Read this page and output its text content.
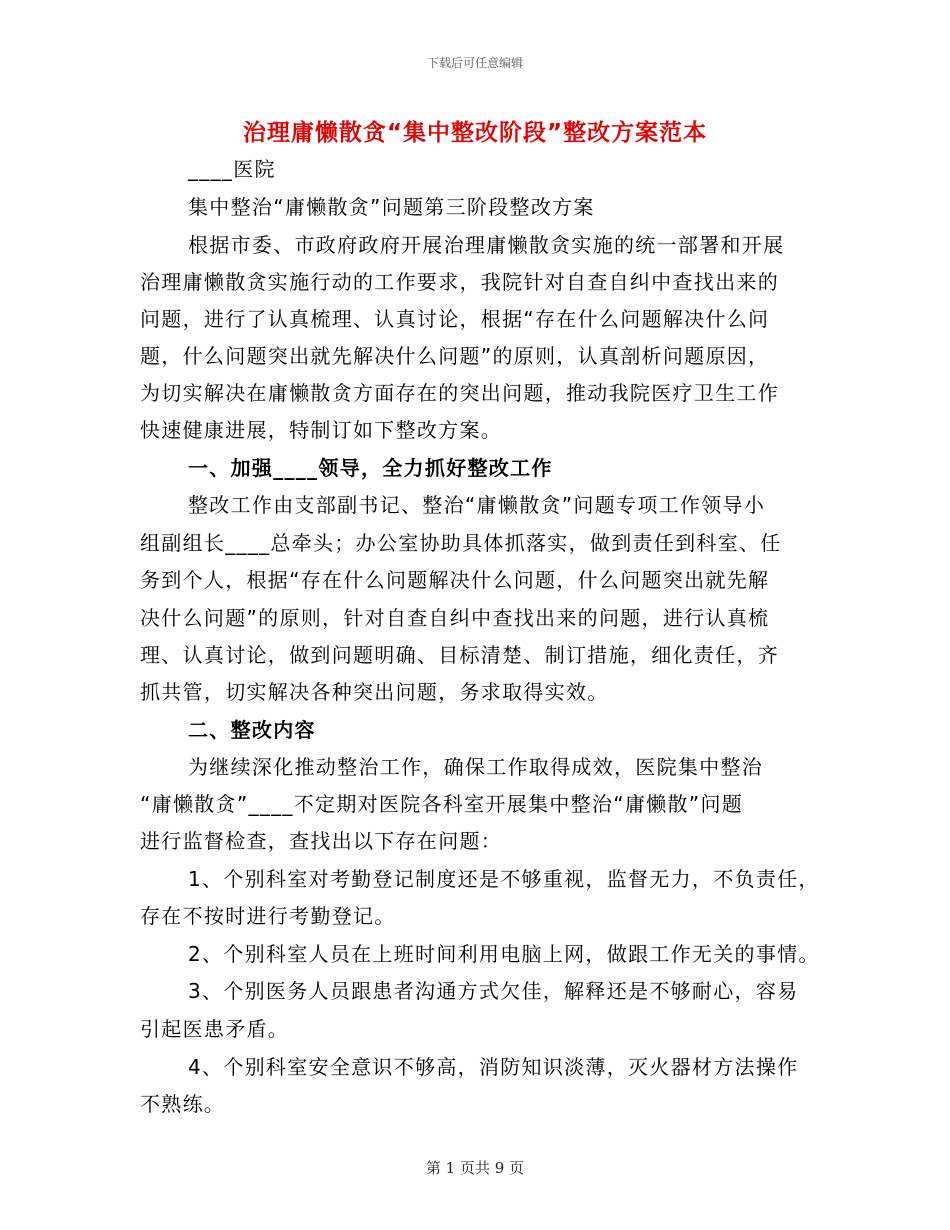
下载后可任意编辑
治理庸懒散贪“集中整改阶段”整改方案范本
____医院
集中整治“庸懒散贪”问题第三阶段整改方案
根据市委、市政府政府开展治理庸懒散贪实施的统一部署和开展
治理庸懒散贪实施行动的工作要求，我院针对自查自纠中查找出来的
问题，进行了认真梳理、认真讨论，根据“存在什么问题解决什么问
题，什么问题突出就先解决什么问题”的原则，认真剖析问题原因，
为切实解决在庸懒散贪方面存在的突出问题，推动我院医疗卫生工作
快速健康进展，特制订如下整改方案。
一、加强____领导，全力抓好整改工作
整改工作由支部副书记、整治“庸懒散贪”问题专项工作领导小
组副组长____总牵头；办公室协助具体抓落实，做到责任到科室、任
务到个人，根据“存在什么问题解决什么问题，什么问题突出就先解
决什么问题”的原则，针对自查自纠中查找出来的问题，进行认真梳
理、认真讨论，做到问题明确、目标清楚、制订措施，细化责任，齐
抓共管，切实解决各种突出问题，务求取得实效。
二、整改内容
为继续深化推动整治工作，确保工作取得成效，医院集中整治
“庸懒散贪”____不定期对医院各科室开展集中整治“庸懒散”问题
进行监督检查，查找出以下存在问题：
1、个别科室对考勤登记制度还是不够重视，监督无力，不负责任，
存在不按时进行考勤登记。
2、个别科室人员在上班时间利用电脑上网，做跟工作无关的事情。
3、个别医务人员跟患者沟通方式欠佳，解释还是不够耐心，容易
引起医患矛盾。
4、个别科室安全意识不够高，消防知识淡薄，灭火器材方法操作
不熟练。
第 1 页共 9 页
